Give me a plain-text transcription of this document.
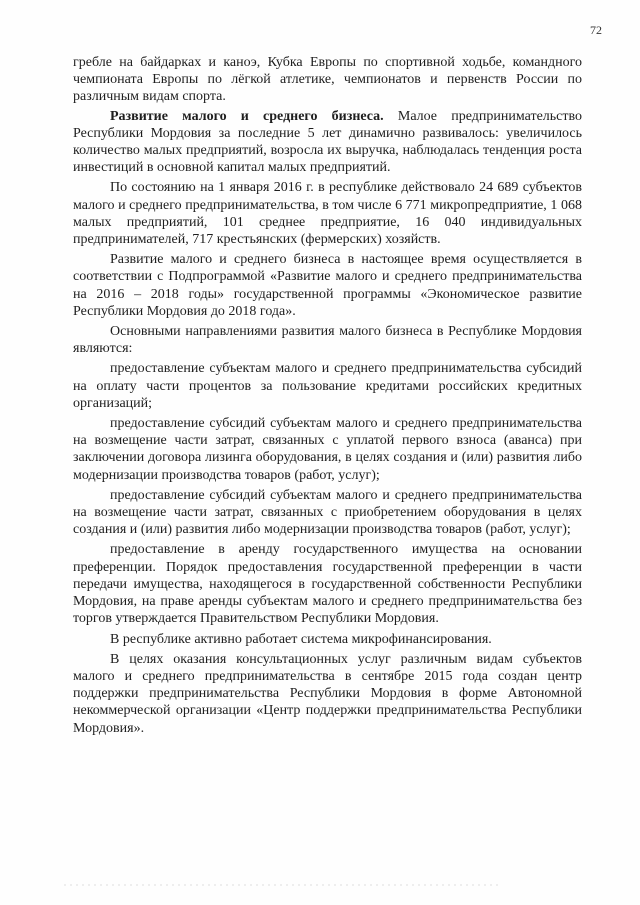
72

гребле на байдарках и каноэ, Кубка Европы по спортивной ходьбе, командного чемпионата Европы по лёгкой атлетике, чемпионатов и первенств России по различным видам спорта.

Развитие малого и среднего бизнеса. Малое предпринимательство Республики Мордовия за последние 5 лет динамично развивалось: увеличилось количество малых предприятий, возросла их выручка, наблюдалась тенденция роста инвестиций в основной капитал малых предприятий.

По состоянию на 1 января 2016 г. в республике действовало 24 689 субъектов малого и среднего предпринимательства, в том числе 6 771 микропредприятие, 1 068 малых предприятий, 101 среднее предприятие, 16 040 индивидуальных предпринимателей, 717 крестьянских (фермерских) хозяйств.

Развитие малого и среднего бизнеса в настоящее время осуществляется в соответствии с Подпрограммой «Развитие малого и среднего предпринимательства на 2016 – 2018 годы» государственной программы «Экономическое развитие Республики Мордовия до 2018 года».

Основными направлениями развития малого бизнеса в Республике Мордовия являются:

предоставление субъектам малого и среднего предпринимательства субсидий на оплату части процентов за пользование кредитами российских кредитных организаций;

предоставление субсидий субъектам малого и среднего предпринимательства на возмещение части затрат, связанных с уплатой первого взноса (аванса) при заключении договора лизинга оборудования, в целях создания и (или) развития либо модернизации производства товаров (работ, услуг);

предоставление субсидий субъектам малого и среднего предпринимательства на возмещение части затрат, связанных с приобретением оборудования в целях создания и (или) развития либо модернизации производства товаров (работ, услуг);

предоставление в аренду государственного имущества на основании преференции. Порядок предоставления государственной преференции в части передачи имущества, находящегося в государственной собственности Республики Мордовия, на праве аренды субъектам малого и среднего предпринимательства без торгов утверждается Правительством Республики Мордовия.

В республике активно работает система микрофинансирования.

В целях оказания консультационных услуг различным видам субъектов малого и среднего предпринимательства в сентябре 2015 года создан центр поддержки предпринимательства Республики Мордовия в форме Автономной некоммерческой организации «Центр поддержки предпринимательства Республики Мордовия».
